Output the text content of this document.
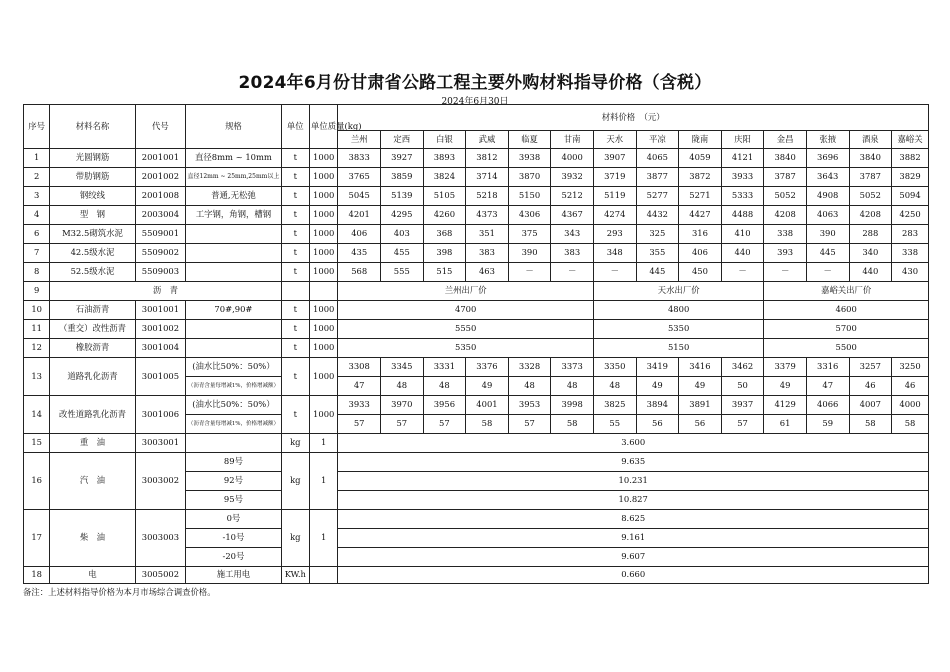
2024年6月份甘肃省公路工程主要外购材料指导价格（含税）
2024年6月30日
序号	材料名称	代号	规格	单位	单位质量(kg)	材料价格　（元）													
						兰州	定西	白银	武威	临夏	甘南	天水	平凉	陇南	庆阳	金昌	张掖	酒泉	嘉峪关
1	光圆钢筋	2001001	直径8mm ~ 10mm	t	1000	3833	3927	3893	3812	3938	4000	3907	4065	4059	4121	3840	3696	3840	3882
2	带肋钢筋	2001002	直径12mm ~ 25mm,25mm以上	t	1000	3765	3859	3824	3714	3870	3932	3719	3877	3872	3933	3787	3643	3787	3829
3	钢绞线	2001008	普通,无松弛	t	1000	5045	5139	5105	5218	5150	5212	5119	5277	5271	5333	5052	4908	5052	5094
4	型　钢	2003004	工字钢，角钢，槽钢	t	1000	4201	4295	4260	4373	4306	4367	4274	4432	4427	4488	4208	4063	4208	4250
6	M32.5砌筑水泥	5509001		t	1000	406	403	368	351	375	343	293	325	316	410	338	390	288	283
7	42.5级水泥	5509002		t	1000	435	455	398	383	390	383	348	355	406	440	393	445	340	338
8	52.5级水泥	5509003		t	1000	568	555	515	463	－	－	－	445	450	－	－	－	440	430
9	沥　青					兰州出厂价						天水出厂价				嘉峪关出厂价			
10	石油沥青	3001001	70#,90#	t	1000	4700						4800				4600			
11	（重交）改性沥青	3001002		t	1000	5550						5350				5700			
12	橡胶沥青	3001004		t	1000	5350						5150				5500			
13	道路乳化沥青	3001005	(油水比50%：50%）	t	1000	3308	3345	3331	3376	3328	3373	3350	3419	3416	3462	3379	3316	3257	3250
			（沥青含量每增减1%，价格增减额）			47	48	48	49	48	48	48	49	49	50	49	47	46	46
14	改性道路乳化沥青	3001006	(油水比50%：50%）	t	1000	3933	3970	3956	4001	3953	3998	3825	3894	3891	3937	4129	4066	4007	4000
			（沥青含量每增减1%，价格增减额）			57	57	57	58	57	58	55	56	56	57	61	59	58	58
15	重　油	3003001		kg	1	3.600													
16	汽　油	3003002	89号	kg	1	9.635													
			92号			10.231													
			95号			10.827													
17	柴　油	3003003	0号	kg	1	8.625													
			-10号			9.161													
			-20号			9.607													
18	电	3005002	施工用电	KW.h		0.660													
备注：上述材料指导价格为本月市场综合调查价格。
